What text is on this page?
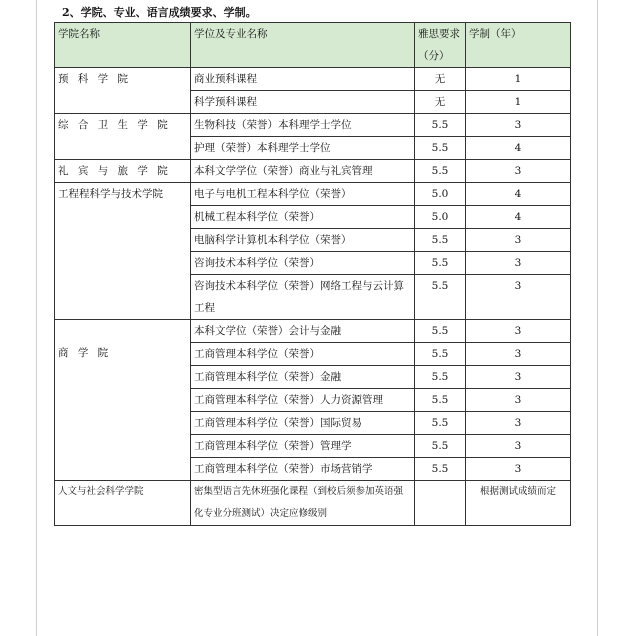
2、学院、专业、语言成绩要求、学制。
学院名称	学位及专业名称	雅思要求（分）	学制（年）
预 科 学 院	商业预科课程	无	1
	科学预科课程	无	1
综 合 卫 生 学 院	生物科技（荣誉）本科理学士学位	5.5	3
	护理（荣誉）本科理学士学位	5.5	4
礼 宾 与 旅 学 院	本科文学学位（荣誉）商业与礼宾管理	5.5	3
工程程科学与技术学院	电子与电机工程本科学位（荣誉）	5.0	4
	机械工程本科学位（荣誉）	5.0	4
	电脑科学计算机本科学位（荣誉）	5.5	3
	咨询技术本科学位（荣誉）	5.5	3
	咨询技术本科学位（荣誉）网络工程与云计算工程	5.5	3
商 学 院	本科文学位（荣誉）会计与金融	5.5	3
	工商管理本科学位（荣誉）	5.5	3
	工商管理本科学位（荣誉）金融	5.5	3
	工商管理本科学位（荣誉）人力资源管理	5.5	3
	工商管理本科学位（荣誉）国际贸易	5.5	3
	工商管理本科学位（荣誉）管理学	5.5	3
	工商管理本科学位（荣誉）市场营销学	5.5	3
人文与社会科学学院	密集型语言先休班强化课程（到校后须参加英语强化专业分班测试）决定应修级别		根据测试成绩而定
